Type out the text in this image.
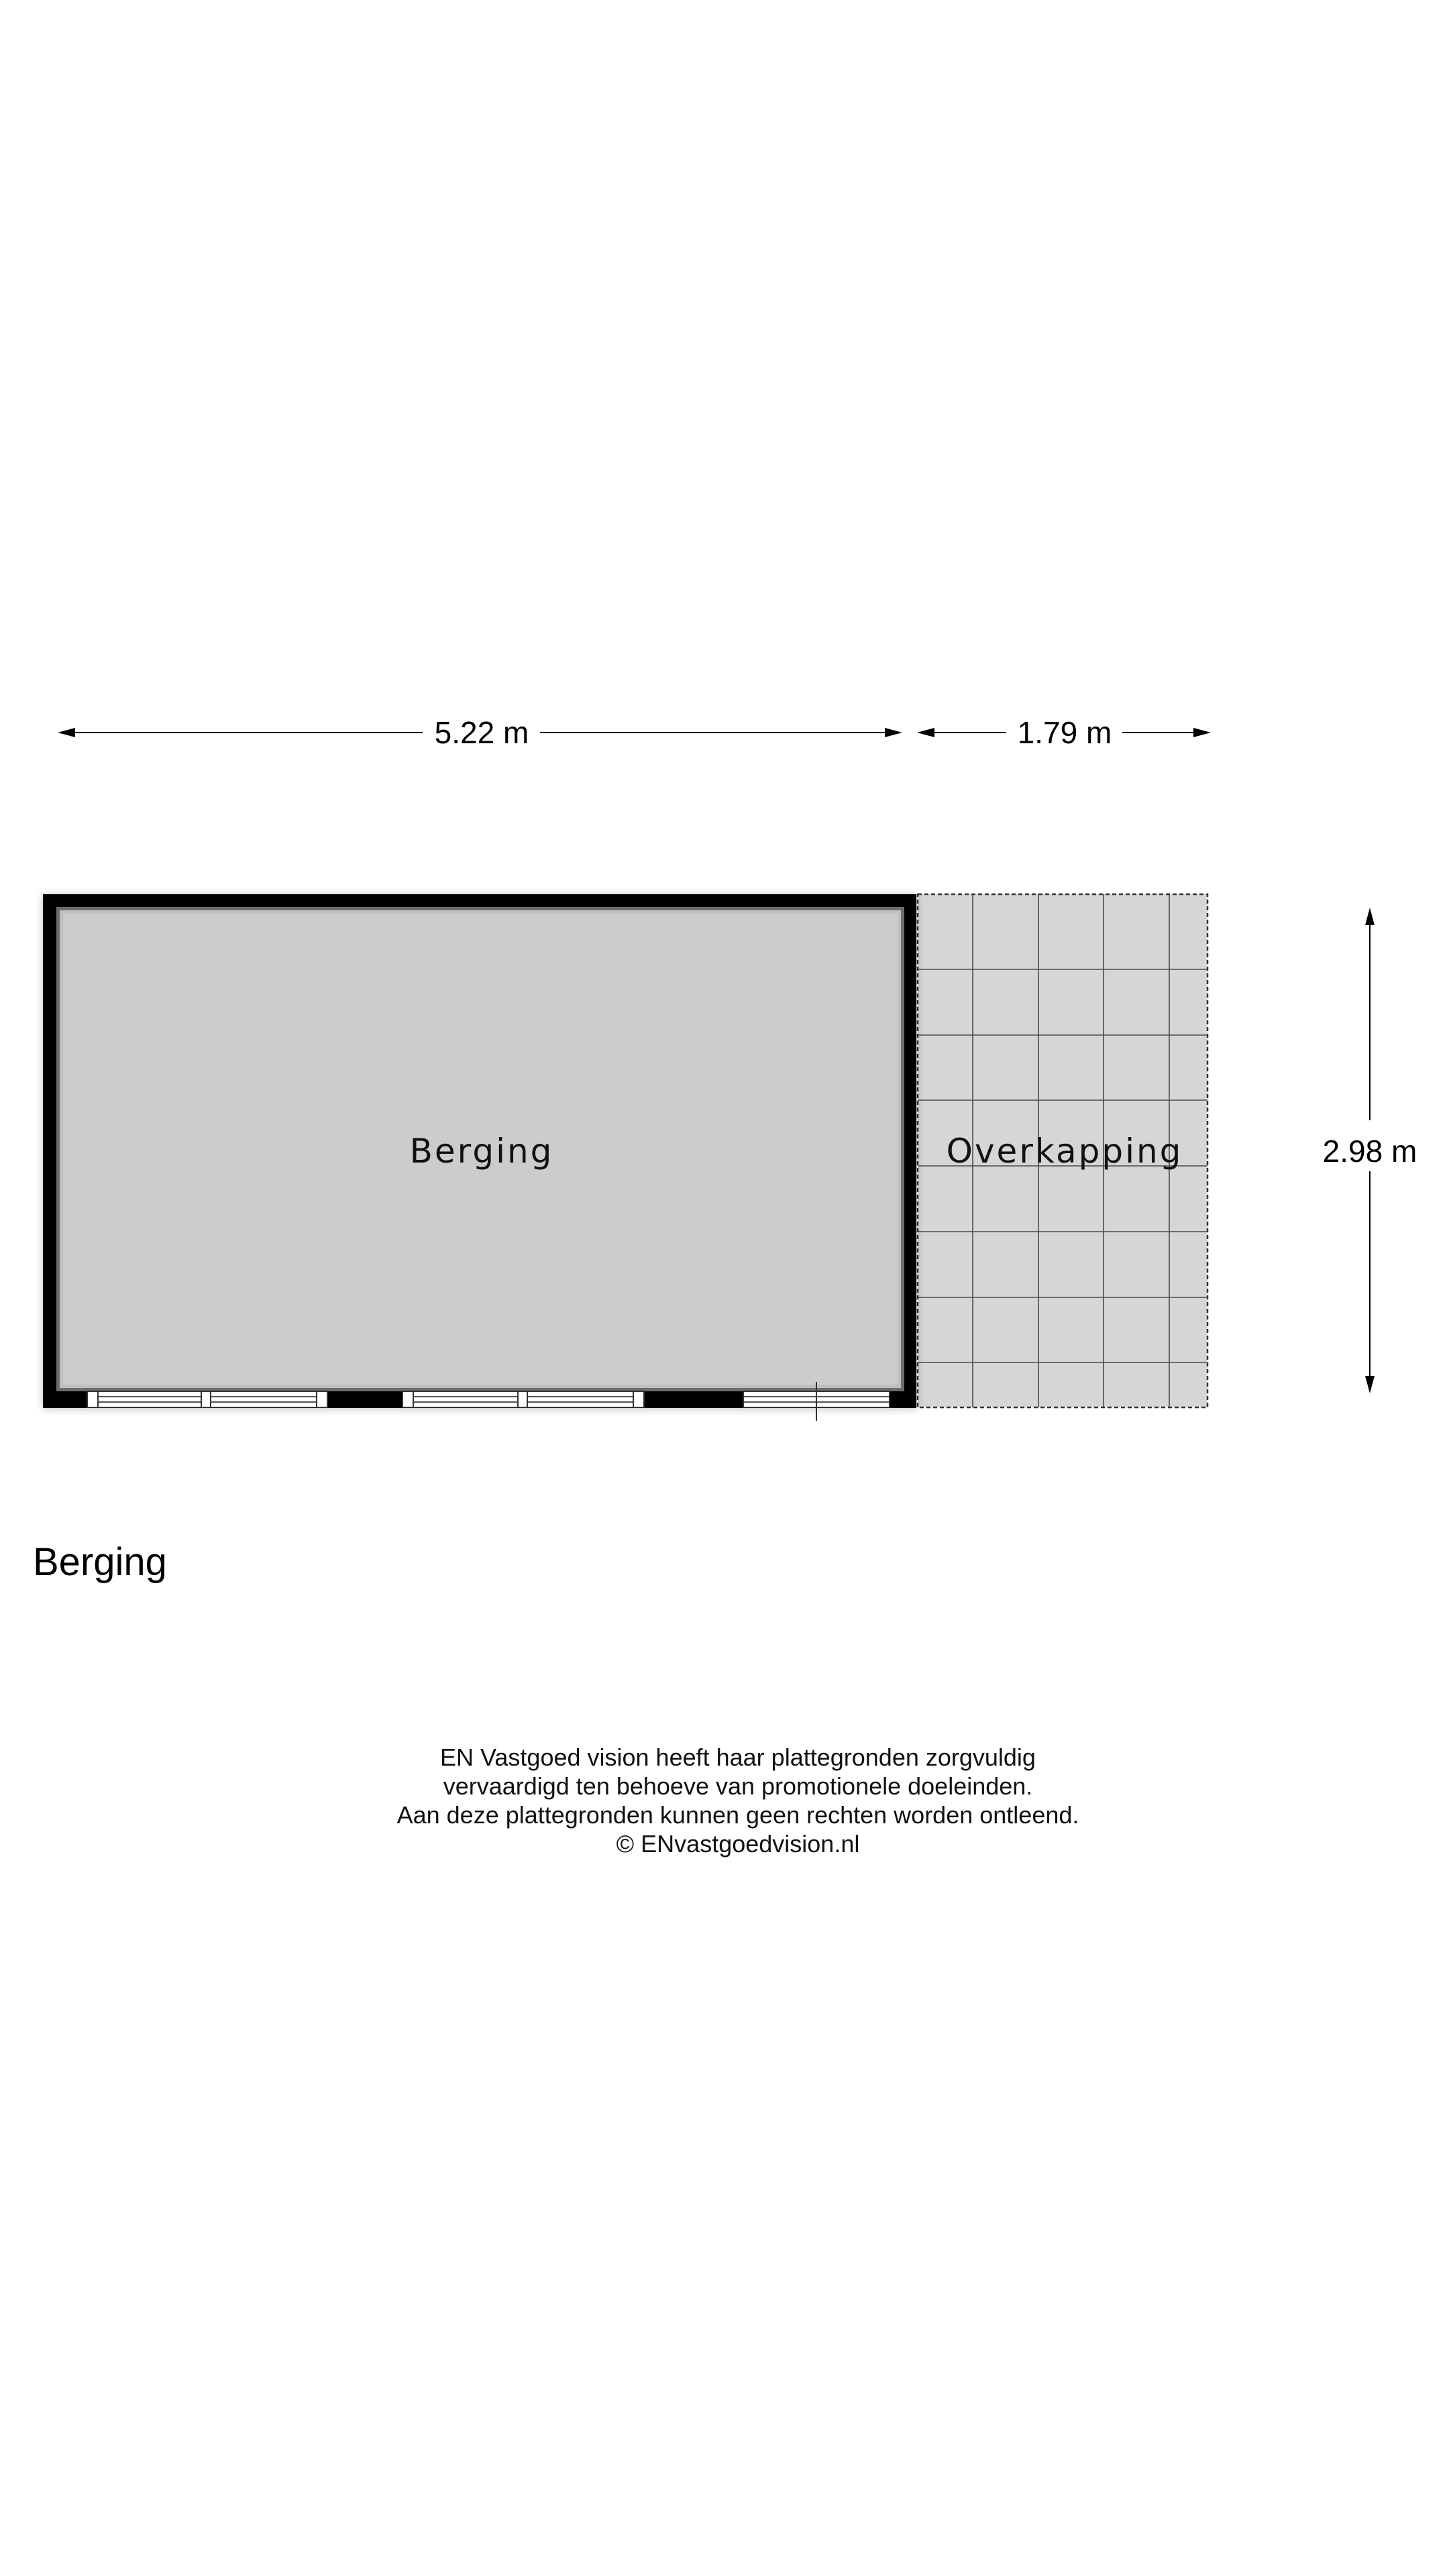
5.22 m	1.79 m
2.98 m
Overkapping
Berging
Berging
EN Vastgoed vision heeft haar plattegronden zorgvuldig
vervaardigd ten behoeve van promotionele doeleinden.
Aan deze plattegronden kunnen geen rechten worden ontleend.
© ENvastgoedvision.nl
